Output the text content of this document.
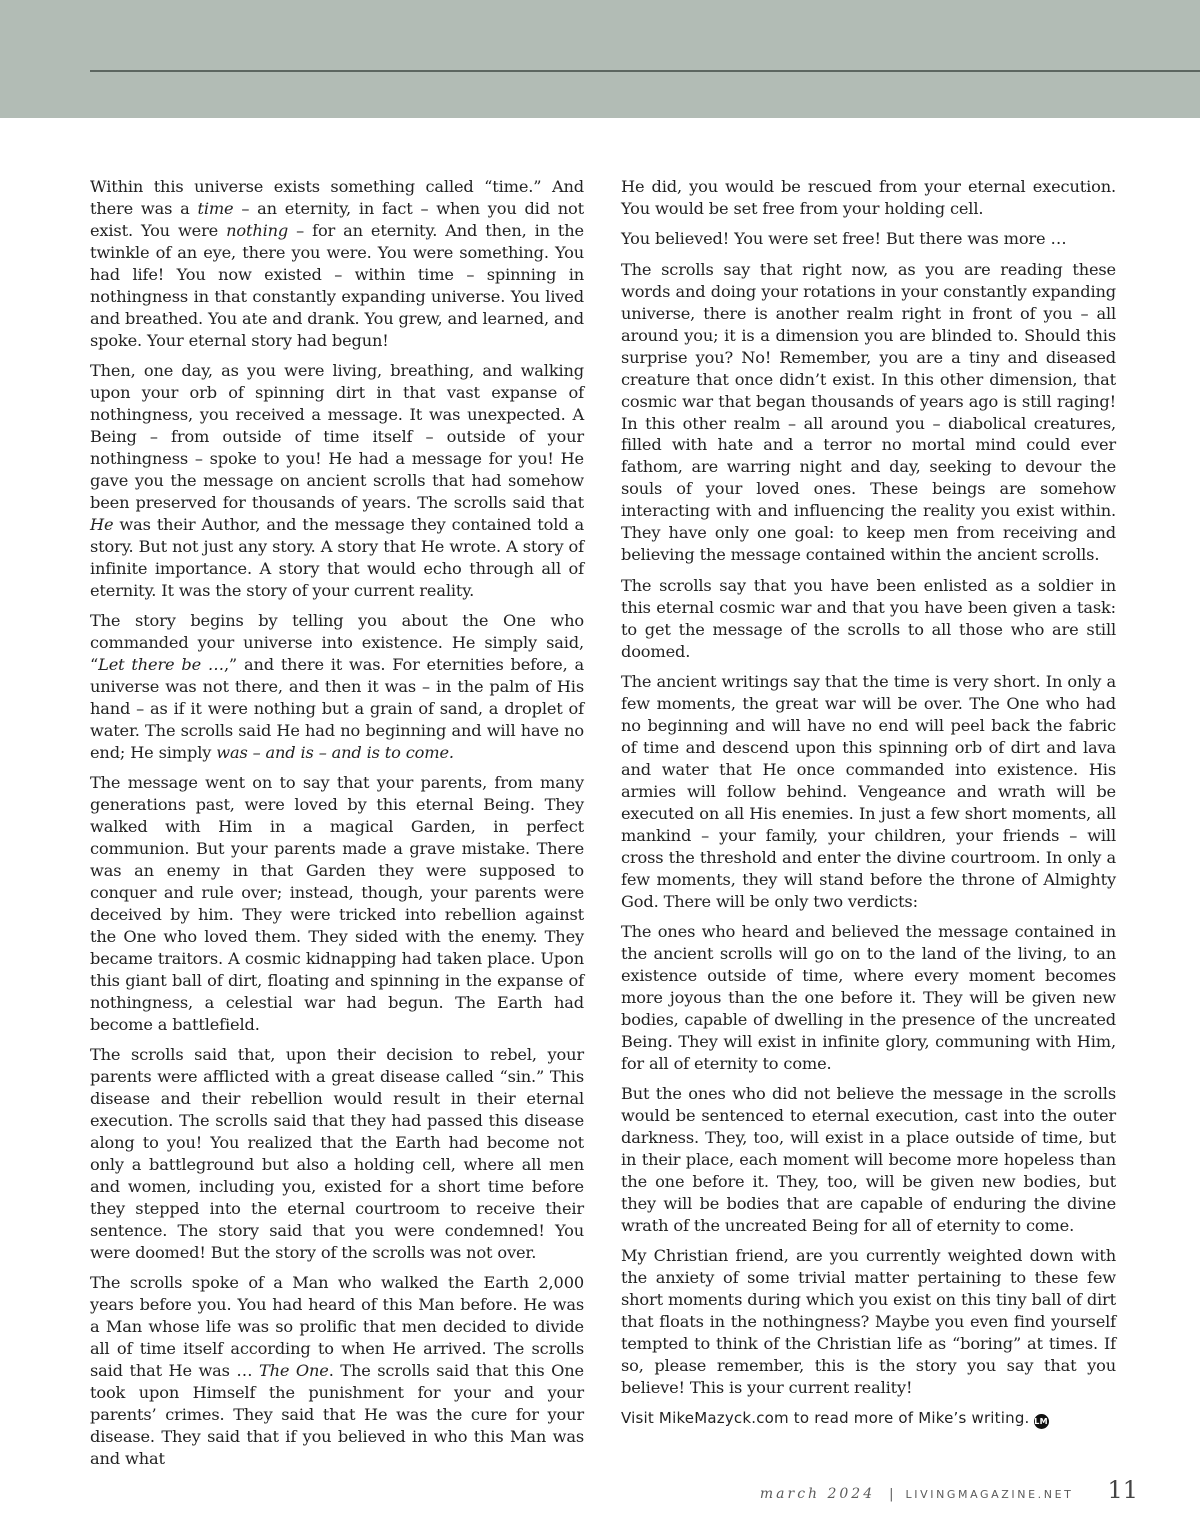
Within this universe exists something called “time.” And there was a time – an eternity, in fact – when you did not exist. You were nothing – for an eternity. And then, in the twinkle of an eye, there you were. You were something. You had life! You now existed – within time – spinning in nothingness in that constantly expanding universe. You lived and breathed. You ate and drank. You grew, and learned, and spoke. Your eternal story had begun!

Then, one day, as you were living, breathing, and walking upon your orb of spinning dirt in that vast expanse of nothingness, you received a message. It was unexpected. A Being – from outside of time itself – outside of your nothingness – spoke to you! He had a message for you! He gave you the message on ancient scrolls that had somehow been preserved for thousands of years. The scrolls said that He was their Author, and the message they contained told a story. But not just any story. A story that He wrote. A story of infinite importance. A story that would echo through all of eternity. It was the story of your current reality.

The story begins by telling you about the One who commanded your universe into existence. He simply said, “Let there be …,” and there it was. For eternities before, a universe was not there, and then it was – in the palm of His hand – as if it were nothing but a grain of sand, a droplet of water. The scrolls said He had no beginning and will have no end; He simply was – and is – and is to come.

The message went on to say that your parents, from many generations past, were loved by this eternal Being. They walked with Him in a magical Garden, in perfect communion. But your parents made a grave mistake. There was an enemy in that Garden they were supposed to conquer and rule over; instead, though, your parents were deceived by him. They were tricked into rebellion against the One who loved them. They sided with the enemy. They became traitors. A cosmic kidnapping had taken place. Upon this giant ball of dirt, floating and spinning in the expanse of nothingness, a celestial war had begun. The Earth had become a battlefield.

The scrolls said that, upon their decision to rebel, your parents were afflicted with a great disease called “sin.” This disease and their rebellion would result in their eternal execution. The scrolls said that they had passed this disease along to you! You realized that the Earth had become not only a battleground but also a holding cell, where all men and women, including you, existed for a short time before they stepped into the eternal courtroom to receive their sentence. The story said that you were condemned! You were doomed! But the story of the scrolls was not over.

The scrolls spoke of a Man who walked the Earth 2,000 years before you. You had heard of this Man before. He was a Man whose life was so prolific that men decided to divide all of time itself according to when He arrived. The scrolls said that He was … The One. The scrolls said that this One took upon Himself the punishment for your and your parents’ crimes. They said that He was the cure for your disease. They said that if you believed in who this Man was and what

He did, you would be rescued from your eternal execution. You would be set free from your holding cell.

You believed! You were set free! But there was more …

The scrolls say that right now, as you are reading these words and doing your rotations in your constantly expanding universe, there is another realm right in front of you – all around you; it is a dimension you are blinded to. Should this surprise you? No! Remember, you are a tiny and diseased creature that once didn’t exist. In this other dimension, that cosmic war that began thousands of years ago is still raging! In this other realm – all around you – diabolical creatures, filled with hate and a terror no mortal mind could ever fathom, are warring night and day, seeking to devour the souls of your loved ones. These beings are somehow interacting with and influencing the reality you exist within. They have only one goal: to keep men from receiving and believing the message contained within the ancient scrolls.

The scrolls say that you have been enlisted as a soldier in this eternal cosmic war and that you have been given a task: to get the message of the scrolls to all those who are still doomed.

The ancient writings say that the time is very short. In only a few moments, the great war will be over. The One who had no beginning and will have no end will peel back the fabric of time and descend upon this spinning orb of dirt and lava and water that He once commanded into existence. His armies will follow behind. Vengeance and wrath will be executed on all His enemies. In just a few short moments, all mankind – your family, your children, your friends – will cross the threshold and enter the divine courtroom. In only a few moments, they will stand before the throne of Almighty God. There will be only two verdicts:

The ones who heard and believed the message contained in the ancient scrolls will go on to the land of the living, to an existence outside of time, where every moment becomes more joyous than the one before it. They will be given new bodies, capable of dwelling in the presence of the uncreated Being. They will exist in infinite glory, communing with Him, for all of eternity to come.

But the ones who did not believe the message in the scrolls would be sentenced to eternal execution, cast into the outer darkness. They, too, will exist in a place outside of time, but in their place, each moment will become more hopeless than the one before it. They, too, will be given new bodies, but they will be bodies that are capable of enduring the divine wrath of the uncreated Being for all of eternity to come.

My Christian friend, are you currently weighted down with the anxiety of some trivial matter pertaining to these few short moments during which you exist on this tiny ball of dirt that floats in the nothingness? Maybe you even find yourself tempted to think of the Christian life as “boring” at times. If so, please remember, this is the story you say that you believe! This is your current reality!

Visit MikeMazyck.com to read more of Mike’s writing. LM

march 2024 | LIVINGMAGAZINE.NET 11
